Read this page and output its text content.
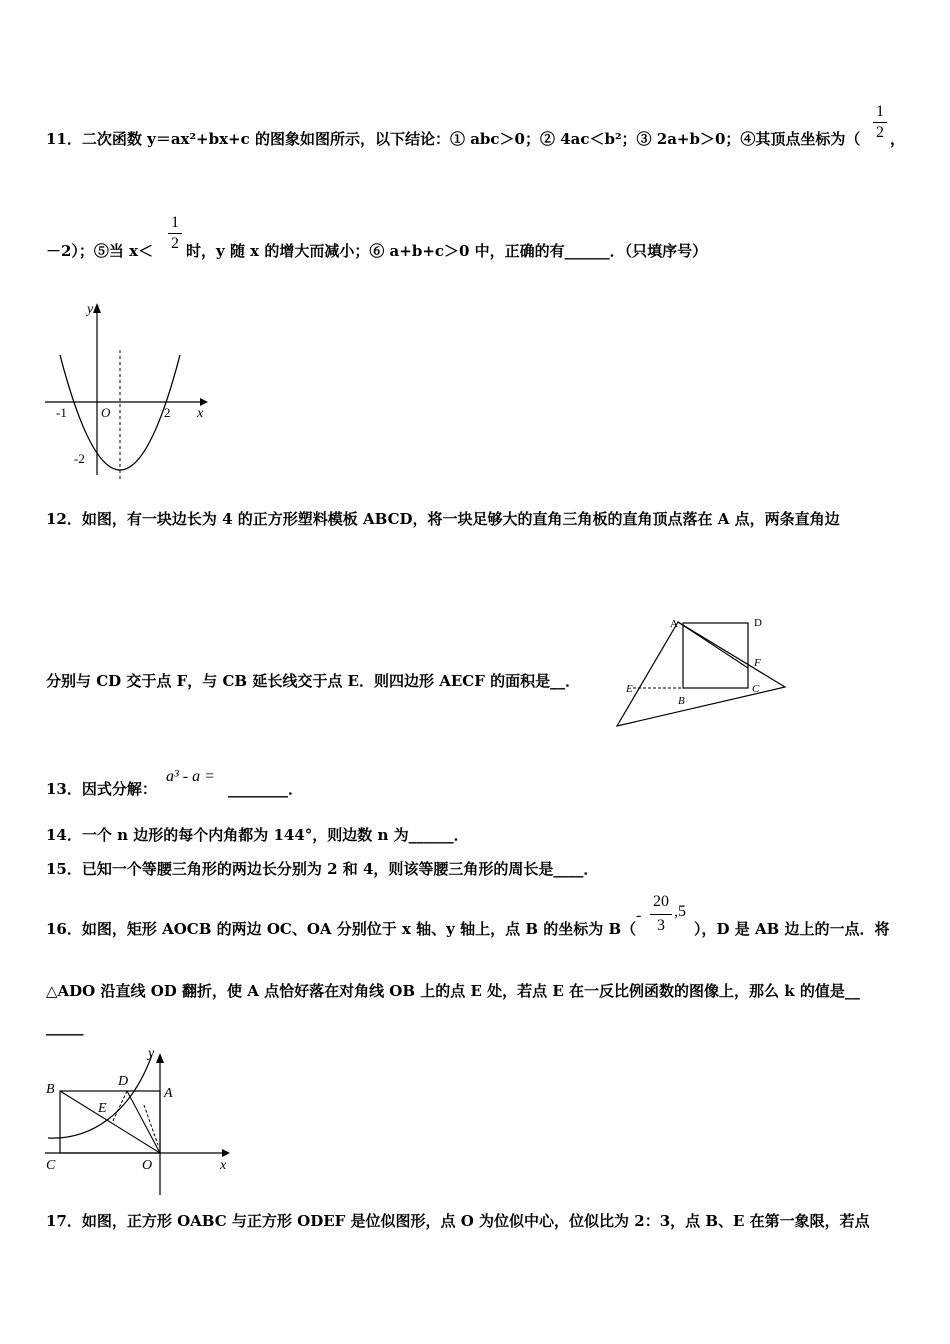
11．二次函数 y＝ax²+bx+c 的图象如图所示，以下结论：① abc＞0；② 4ac＜b²；③ 2a+b＞0；④其顶点坐标为（
1
2 ，
－2）；⑤当 x＜
1
2 时，y 随 x 的增大而减小；⑥ a+b+c＞0 中，正确的有______．（只填序号）
y
x
O
-1	2
-2
12．如图，有一块边长为 4 的正方形塑料模板 ABCD，将一块足够大的直角三角板的直角顶点落在 A 点，两条直角边
分别与 CD 交于点 F，与 CB 延长线交于点 E．则四边形 AECF 的面积是__．
A	D
F
E
B
C
13．因式分解：
a³ - a =
________．
14．一个 n 边形的每个内角都为 144°，则边数 n 为______．
15．已知一个等腰三角形的两边长分别为 2 和 4，则该等腰三角形的周长是____．
16．如图，矩形 AOCB 的两边 OC、OA 分别位于 x 轴、y 轴上，点 B 的坐标为 B（
-
20
3
,5
），D 是 AB 边上的一点．将
△ADO 沿直线 OD 翻折，使 A 点恰好落在对角线 OB 上的点 E 处，若点 E 在一反比例函数的图像上，那么 k 的值是__
_____
y
x
B
D
A
E
C	O
17．如图，正方形 OABC 与正方形 ODEF 是位似图形，点 O 为位似中心，位似比为 2：3，点 B、E 在第一象限，若点
